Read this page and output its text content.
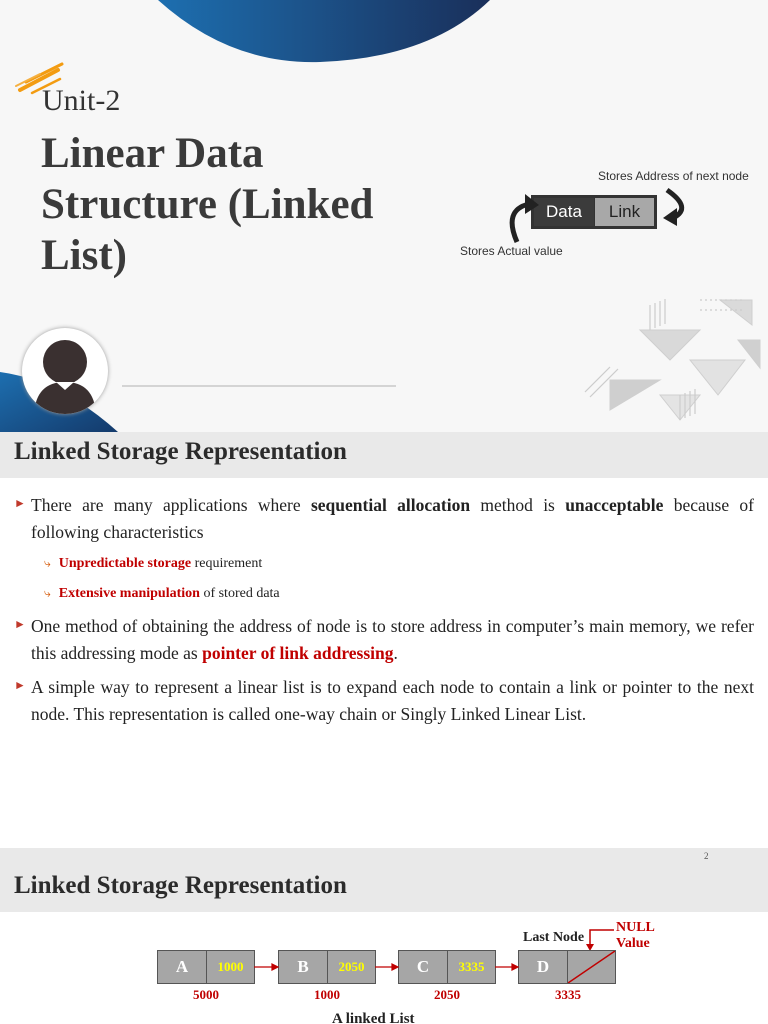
Unit-2
Linear Data
Structure (Linked
List)
Stores Address of next node
Data	Link
Stores Actual value
Linked Storage Representation
► There are many applications where sequential allocation method is unacceptable because of following characteristics
⤷ Unpredictable storage requirement
⤷ Extensive manipulation of stored data
► One method of obtaining the address of node is to store address in computer’s main memory, we refer this addressing mode as pointer of link addressing.
► A simple way to represent a linear list is to expand each node to contain a link or pointer to the next node. This representation is called one-way chain or Singly Linked Linear List.
2
Linked Storage Representation
Last Node
NULL
Value
A	1000	B	2050	C	3335	D
5000	1000	2050	3335
A linked List
